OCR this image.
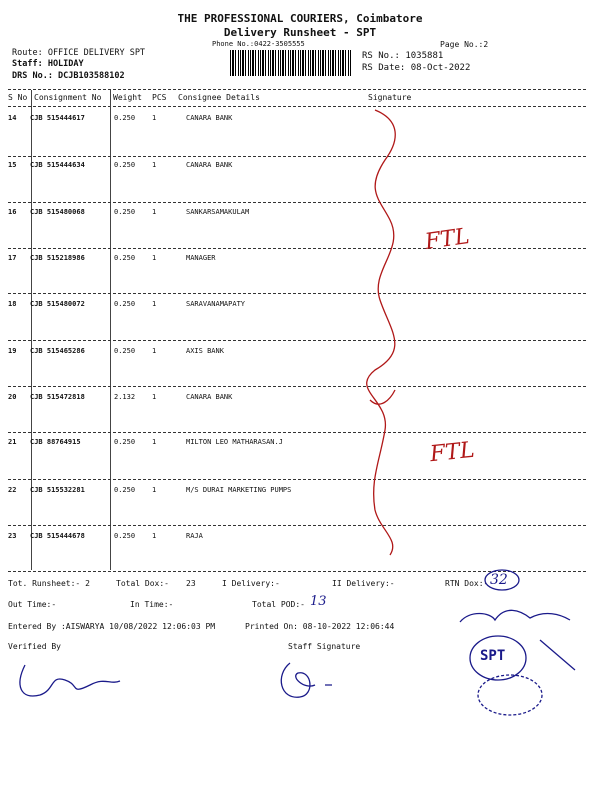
THE PROFESSIONAL COURIERS, Coimbatore
Delivery Runsheet - SPT
Phone No.:0422-3505555	Page No.:2
Route: OFFICE DELIVERY SPT
Staff: HOLIDAY
DRS No.: DCJB103588102
RS No.: 1035881
RS Date: 08-Oct-2022
S No Consignment No Weight PCS Consignee Details	Signature
14 CJB 515444617	0.250 1	CANARA BANK
15 CJB 515444634	0.250 1	CANARA BANK
16 CJB 515480068	0.250 1	SANKARSAMAKULAM
17 CJB 515218986	0.250 1	MANAGER
18 CJB 515480072	0.250 1	SARAVANAMAPATY
19 CJB 515465286	0.250 1	AXIS BANK
20 CJB 515472818	2.132 1	CANARA BANK
21 CJB 88764915	0.250 1	MILTON LEO MATHARASAN.J
22 CJB 515532281	0.250 1	M/S DURAI MARKETING PUMPS
23 CJB 515444678	0.250 1	RAJA
FTL
FTL
Tot. Runsheet:- 2	Total Dox:- 23	I Delivery:-	II Delivery:-	RTN Dox:- 32
Out Time:-	In Time:-	Total POD:- 13
Entered By :AISWARYA 10/08/2022 12:06:03 PM	Printed On: 08-10-2022 12:06:44
Verified By	Staff Signature
SPT
